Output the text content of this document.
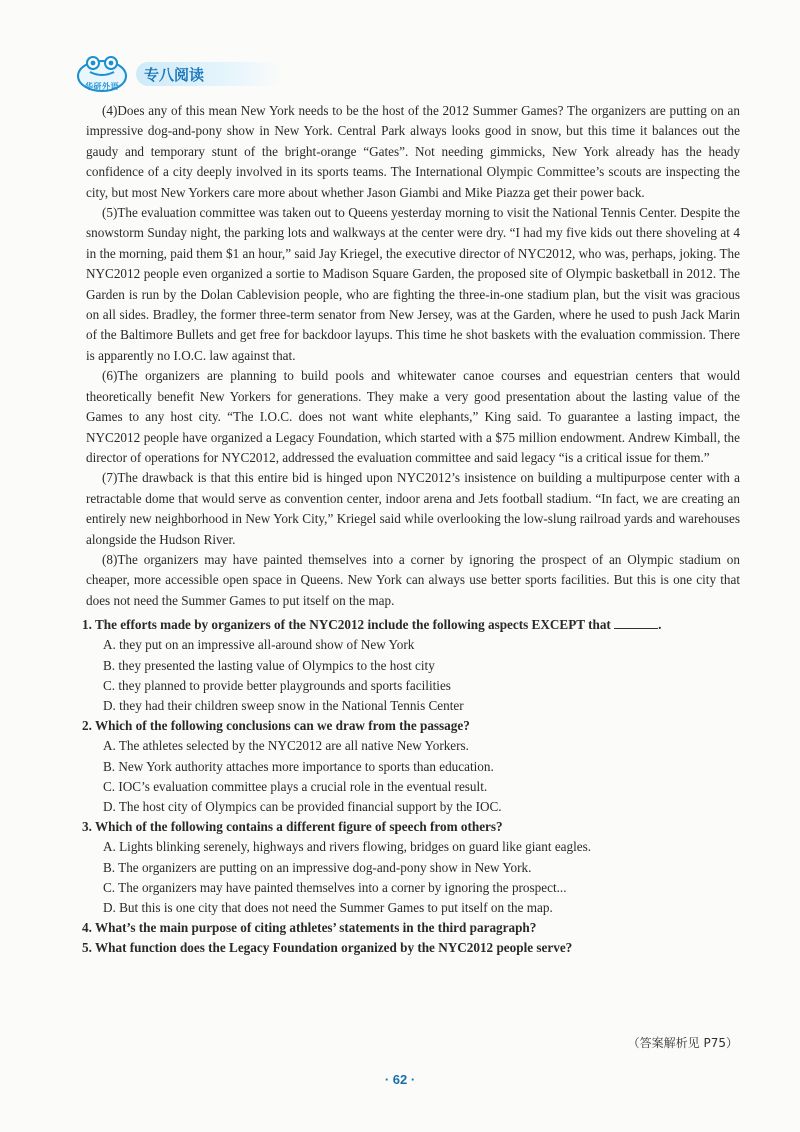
华研外语
专八阅读

(4)Does any of this mean New York needs to be the host of the 2012 Summer Games? The organizers are putting on an impressive dog-and-pony show in New York. Central Park always looks good in snow, but this time it balances out the gaudy and temporary stunt of the bright-orange “Gates”. Not needing gimmicks, New York already has the heady confidence of a city deeply involved in its sports teams. The International Olympic Committee’s scouts are inspecting the city, but most New Yorkers care more about whether Jason Giambi and Mike Piazza get their power back.

(5)The evaluation committee was taken out to Queens yesterday morning to visit the National Tennis Center. Despite the snowstorm Sunday night, the parking lots and walkways at the center were dry. “I had my five kids out there shoveling at 4 in the morning, paid them $1 an hour,” said Jay Kriegel, the executive director of NYC2012, who was, perhaps, joking. The NYC2012 people even organized a sortie to Madison Square Garden, the proposed site of Olympic basketball in 2012. The Garden is run by the Dolan Cablevision people, who are fighting the three-in-one stadium plan, but the visit was gracious on all sides. Bradley, the former three-term senator from New Jersey, was at the Garden, where he used to push Jack Marin of the Baltimore Bullets and get free for backdoor layups. This time he shot baskets with the evaluation commission. There is apparently no I.O.C. law against that.

(6)The organizers are planning to build pools and whitewater canoe courses and equestrian centers that would theoretically benefit New Yorkers for generations. They make a very good presentation about the lasting value of the Games to any host city. “The I.O.C. does not want white elephants,” King said. To guarantee a lasting impact, the NYC2012 people have organized a Legacy Foundation, which started with a $75 million endowment. Andrew Kimball, the director of operations for NYC2012, addressed the evaluation committee and said legacy “is a critical issue for them.”

(7)The drawback is that this entire bid is hinged upon NYC2012’s insistence on building a multipurpose center with a retractable dome that would serve as convention center, indoor arena and Jets football stadium. “In fact, we are creating an entirely new neighborhood in New York City,” Kriegel said while overlooking the low-slung railroad yards and warehouses alongside the Hudson River.

(8)The organizers may have painted themselves into a corner by ignoring the prospect of an Olympic stadium on cheaper, more accessible open space in Queens. New York can always use better sports facilities. But this is one city that does not need the Summer Games to put itself on the map.

1. The efforts made by organizers of the NYC2012 include the following aspects EXCEPT that	.

A. they put on an impressive all-around show of New York

B. they presented the lasting value of Olympics to the host city

C. they planned to provide better playgrounds and sports facilities

D. they had their children sweep snow in the National Tennis Center

2. Which of the following conclusions can we draw from the passage?

A. The athletes selected by the NYC2012 are all native New Yorkers.

B. New York authority attaches more importance to sports than education.

C. IOC’s evaluation committee plays a crucial role in the eventual result.

D. The host city of Olympics can be provided financial support by the IOC.

3. Which of the following contains a different figure of speech from others?

A. Lights blinking serenely, highways and rivers flowing, bridges on guard like giant eagles.

B. The organizers are putting on an impressive dog-and-pony show in New York.

C. The organizers may have painted themselves into a corner by ignoring the prospect...

D. But this is one city that does not need the Summer Games to put itself on the map.

4. What’s the main purpose of citing athletes’ statements in the third paragraph?

5. What function does the Legacy Foundation organized by the NYC2012 people serve?

（答案解析见 P75）
· 62 ·
